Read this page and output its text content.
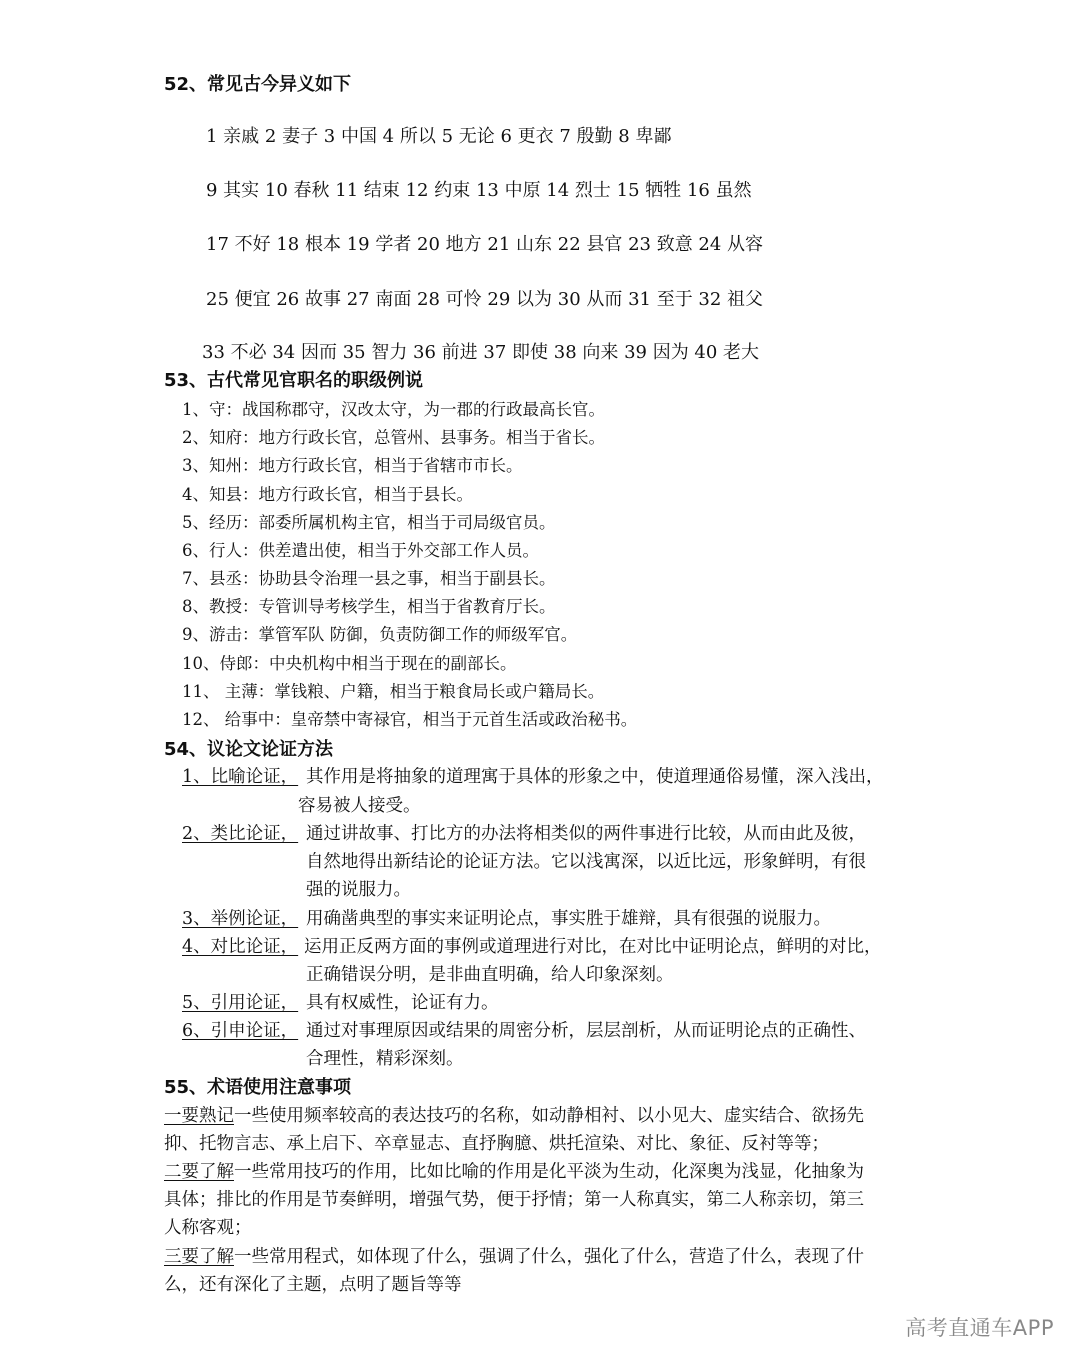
52、常见古今异义如下
1 亲戚 2 妻子 3 中国 4 所以 5 无论 6 更衣 7 殷勤 8 卑鄙
9 其实 10 春秋 11 结束 12 约束 13 中原 14 烈士 15 牺牲 16 虽然
17 不好 18 根本 19 学者 20 地方 21 山东 22 县官 23 致意 24 从容
25 便宜 26 故事 27 南面 28 可怜 29 以为 30 从而 31 至于 32 祖父
33 不必 34 因而 35 智力 36 前进 37 即使 38 向来 39 因为 40 老大
53、古代常见官职名的职级例说
1、守：战国称郡守，汉改太守，为一郡的行政最高长官。
2、知府：地方行政长官，总管州、县事务。相当于省长。
3、知州：地方行政长官，相当于省辖市市长。
4、知县：地方行政长官，相当于县长。
5、经历：部委所属机构主官，相当于司局级官员。
6、行人：供差遣出使，相当于外交部工作人员。
7、县丞：协助县令治理一县之事，相当于副县长。
8、教授：专管训导考核学生，相当于省教育厅长。
9、游击：掌管军队 防御，负责防御工作的师级军官。
10、侍郎：中央机构中相当于现在的副部长。
11、 主薄：掌钱粮、户籍，相当于粮食局长或户籍局长。
12、 给事中：皇帝禁中寄禄官，相当于元首生活或政治秘书。
54、议论文论证方法
1、比喻论证， 其作用是将抽象的道理寓于具体的形象之中，使道理通俗易懂，深入浅出，
容易被人接受。
2、类比论证， 通过讲故事、打比方的办法将相类似的两件事进行比较，从而由此及彼，
自然地得出新结论的论证方法。它以浅寓深，以近比远，形象鲜明，有很
强的说服力。
3、举例论证， 用确凿典型的事实来证明论点，事实胜于雄辩，具有很强的说服力。
4、对比论证， 运用正反两方面的事例或道理进行对比，在对比中证明论点，鲜明的对比，
正确错误分明，是非曲直明确，给人印象深刻。
5、引用论证， 具有权威性，论证有力。
6、引申论证， 通过对事理原因或结果的周密分析，层层剖析，从而证明论点的正确性、
合理性，精彩深刻。
55、术语使用注意事项
一要熟记一些使用频率较高的表达技巧的名称，如动静相衬、以小见大、虚实结合、欲扬先
抑、托物言志、承上启下、卒章显志、直抒胸臆、烘托渲染、对比、象征、反衬等等；
二要了解一些常用技巧的作用，比如比喻的作用是化平淡为生动，化深奥为浅显，化抽象为
具体；排比的作用是节奏鲜明，增强气势，便于抒情；第一人称真实，第二人称亲切，第三
人称客观；
三要了解一些常用程式，如体现了什么，强调了什么，强化了什么，营造了什么，表现了什
么，还有深化了主题，点明了题旨等等
高考直通车APP
